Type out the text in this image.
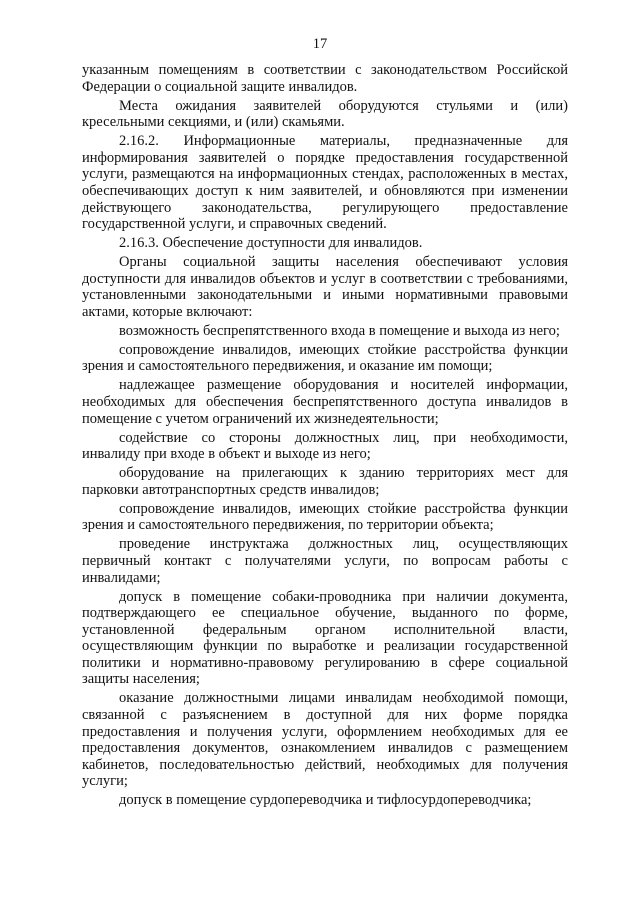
17

указанным помещениям в соответствии с законодательством Российской Федерации о социальной защите инвалидов.

Места ожидания заявителей оборудуются стульями и (или) кресельными секциями, и (или) скамьями.

2.16.2. Информационные материалы, предназначенные для информирования заявителей о порядке предоставления государственной услуги, размещаются на информационных стендах, расположенных в местах, обеспечивающих доступ к ним заявителей, и обновляются при изменении действующего законодательства, регулирующего предоставление государственной услуги, и справочных сведений.

2.16.3. Обеспечение доступности для инвалидов.

Органы социальной защиты населения обеспечивают условия доступности для инвалидов объектов и услуг в соответствии с требованиями, установленными законодательными и иными нормативными правовыми актами, которые включают:

возможность беспрепятственного входа в помещение и выхода из него;

сопровождение инвалидов, имеющих стойкие расстройства функции зрения и самостоятельного передвижения, и оказание им помощи;

надлежащее размещение оборудования и носителей информации, необходимых для обеспечения беспрепятственного доступа инвалидов в помещение с учетом ограничений их жизнедеятельности;

содействие со стороны должностных лиц, при необходимости, инвалиду при входе в объект и выходе из него;

оборудование на прилегающих к зданию территориях мест для парковки автотранспортных средств инвалидов;

сопровождение инвалидов, имеющих стойкие расстройства функции зрения и самостоятельного передвижения, по территории объекта;

проведение инструктажа должностных лиц, осуществляющих первичный контакт с получателями услуги, по вопросам работы с инвалидами;

допуск в помещение собаки-проводника при наличии документа, подтверждающего ее специальное обучение, выданного по форме, установленной федеральным органом исполнительной власти, осуществляющим функции по выработке и реализации государственной политики и нормативно-правовому регулированию в сфере социальной защиты населения;

оказание должностными лицами инвалидам необходимой помощи, связанной с разъяснением в доступной для них форме порядка предоставления и получения услуги, оформлением необходимых для ее предоставления документов, ознакомлением инвалидов с размещением кабинетов, последовательностью действий, необходимых для получения услуги;

допуск в помещение сурдопереводчика и тифлосурдопереводчика;
